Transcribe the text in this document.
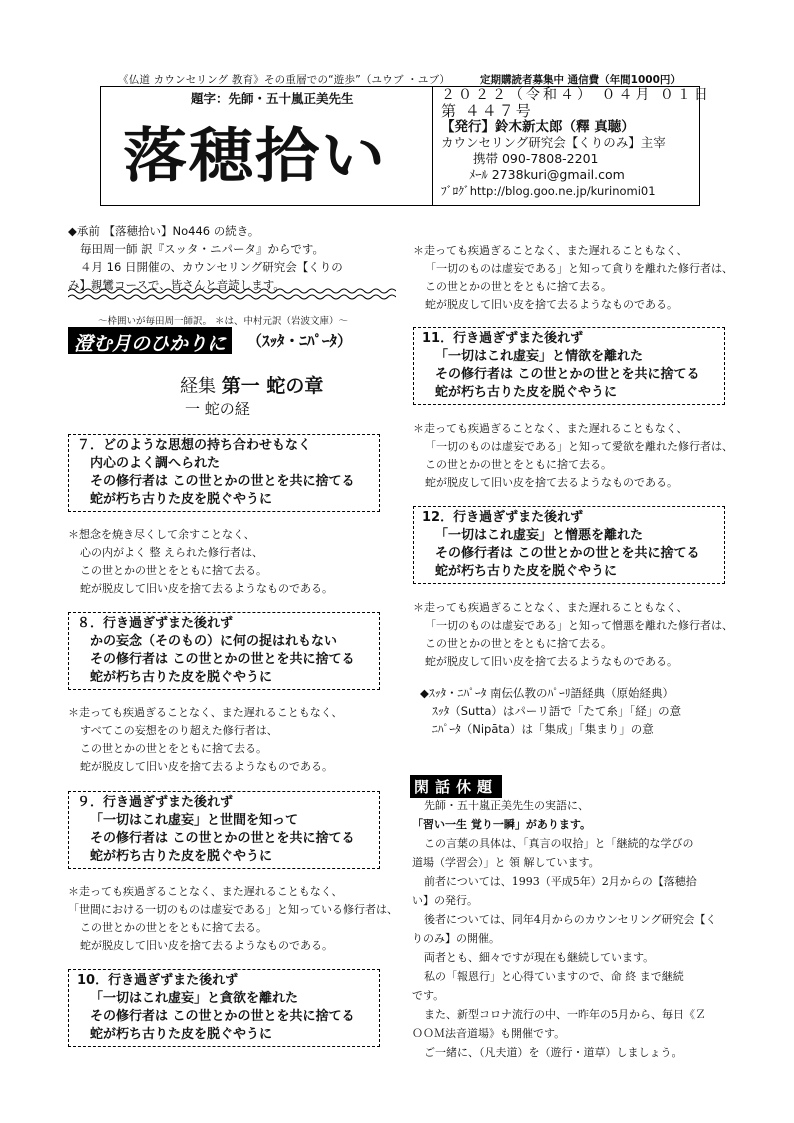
《仏道 カウンセリング 教育》その重層での“遊歩”（ユウブ ・ユブ）	定期購読者募集中 通信費（年間1000円）
題字：先師・五十嵐正美先生
落穂拾い
２０２２（令和４） ０４月 ０１日
第 ４４７号
【発行】鈴木新太郎（釋 真聴）
カウンセリング研究会【くりのみ】主宰
携帯 090-7808-2201
ﾒｰﾙ 2738kuri@gmail.com
ﾌﾞﾛｸﾞhttp://blog.goo.ne.jp/kurinomi01
◆承前 【落穂拾い】No446 の続き。
毎田周一師 訳『スッタ・ニパータ』からです。
４月 16 日開催の、カウンセリング研究会【くりの
み】親鸞コースで、皆さんと音読します。
～枠囲いが毎田周一師訳。 ＊は、中村元訳（岩波文庫）～
澄む月のひかりに	（ｽｯﾀ・ﾆﾊﾟｰﾀ）
経集 第一 蛇の章
一 蛇の経
７．どのような思想の持ち合わせもなく
内心のよく調へられた
その修行者は この世とかの世とを共に捨てる
蛇が朽ち古りた皮を脱ぐやうに
＊想念を焼き尽くして余すことなく、
心の内がよく 整 えられた修行者は、
この世とかの世とをともに捨て去る。
蛇が脱皮して旧い皮を捨て去るようなものである。
８．行き過ぎずまた後れず
かの妄念（そのもの）に何の捉はれもない
その修行者は この世とかの世とを共に捨てる
蛇が朽ち古りた皮を脱ぐやうに
＊走っても疾過ぎることなく、また遅れることもなく、
すべてこの妄想をのり超えた修行者は、
この世とかの世とをともに捨て去る。
蛇が脱皮して旧い皮を捨て去るようなものである。
９．行き過ぎずまた後れず
「一切はこれ虚妄」と世間を知って
その修行者は この世とかの世とを共に捨てる
蛇が朽ち古りた皮を脱ぐやうに
＊走っても疾過ぎることなく、また遅れることもなく、
「世間における一切のものは虚妄である」と知っている修行者は、
この世とかの世とをともに捨て去る。
蛇が脱皮して旧い皮を捨て去るようなものである。
10．行き過ぎずまた後れず
「一切はこれ虚妄」と貪欲を離れた
その修行者は この世とかの世とを共に捨てる
蛇が朽ち古りた皮を脱ぐやうに
＊走っても疾過ぎることなく、また遅れることもなく、
「一切のものは虚妄である」と知って貪りを離れた修行者は、
この世とかの世とをともに捨て去る。
蛇が脱皮して旧い皮を捨て去るようなものである。
11．行き過ぎずまた後れず
「一切はこれ虚妄」と情欲を離れた
その修行者は この世とかの世とを共に捨てる
蛇が朽ち古りた皮を脱ぐやうに
＊走っても疾過ぎることなく、また遅れることもなく、
「一切のものは虚妄である」と知って愛欲を離れた修行者は、
この世とかの世とをともに捨て去る。
蛇が脱皮して旧い皮を捨て去るようなものである。
12．行き過ぎずまた後れず
「一切はこれ虚妄」と憎悪を離れた
その修行者は この世とかの世とを共に捨てる
蛇が朽ち古りた皮を脱ぐやうに
＊走っても疾過ぎることなく、また遅れることもなく、
「一切のものは虚妄である」と知って憎悪を離れた修行者は、
この世とかの世とをともに捨て去る。
蛇が脱皮して旧い皮を捨て去るようなものである。
◆ｽｯﾀ・ﾆﾊﾟｰﾀ 南伝仏教のﾊﾟｰﾘ語経典（原始経典）
ｽｯﾀ（Sutta）はパーリ語で「たて糸」「経」の意
ﾆﾊﾟｰﾀ（Nipāta）は「集成」「集まり」の意
閑話休題
先師・五十嵐正美先生の実語に、
「習い一生 覚り一瞬」があります。
この言葉の具体は、「真言の収拾」と「継続的な学びの
道場（学習会）」と 領 解しています。
前者については、1993（平成5年）2月からの【落穂拾
い】の発行。
後者については、同年4月からのカウンセリング研究会【く
りのみ】の開催。
両者とも、細々ですが現在も継続しています。
私の「報恩行」と心得ていますので、命 終 まで継続
です。
また、新型コロナ流行の中、一昨年の5月から、毎日《Ｚ
ＯＯＭ法音道場》も開催です。
ご一緒に、（凡夫道）を（遊行・道草）しましょう。
